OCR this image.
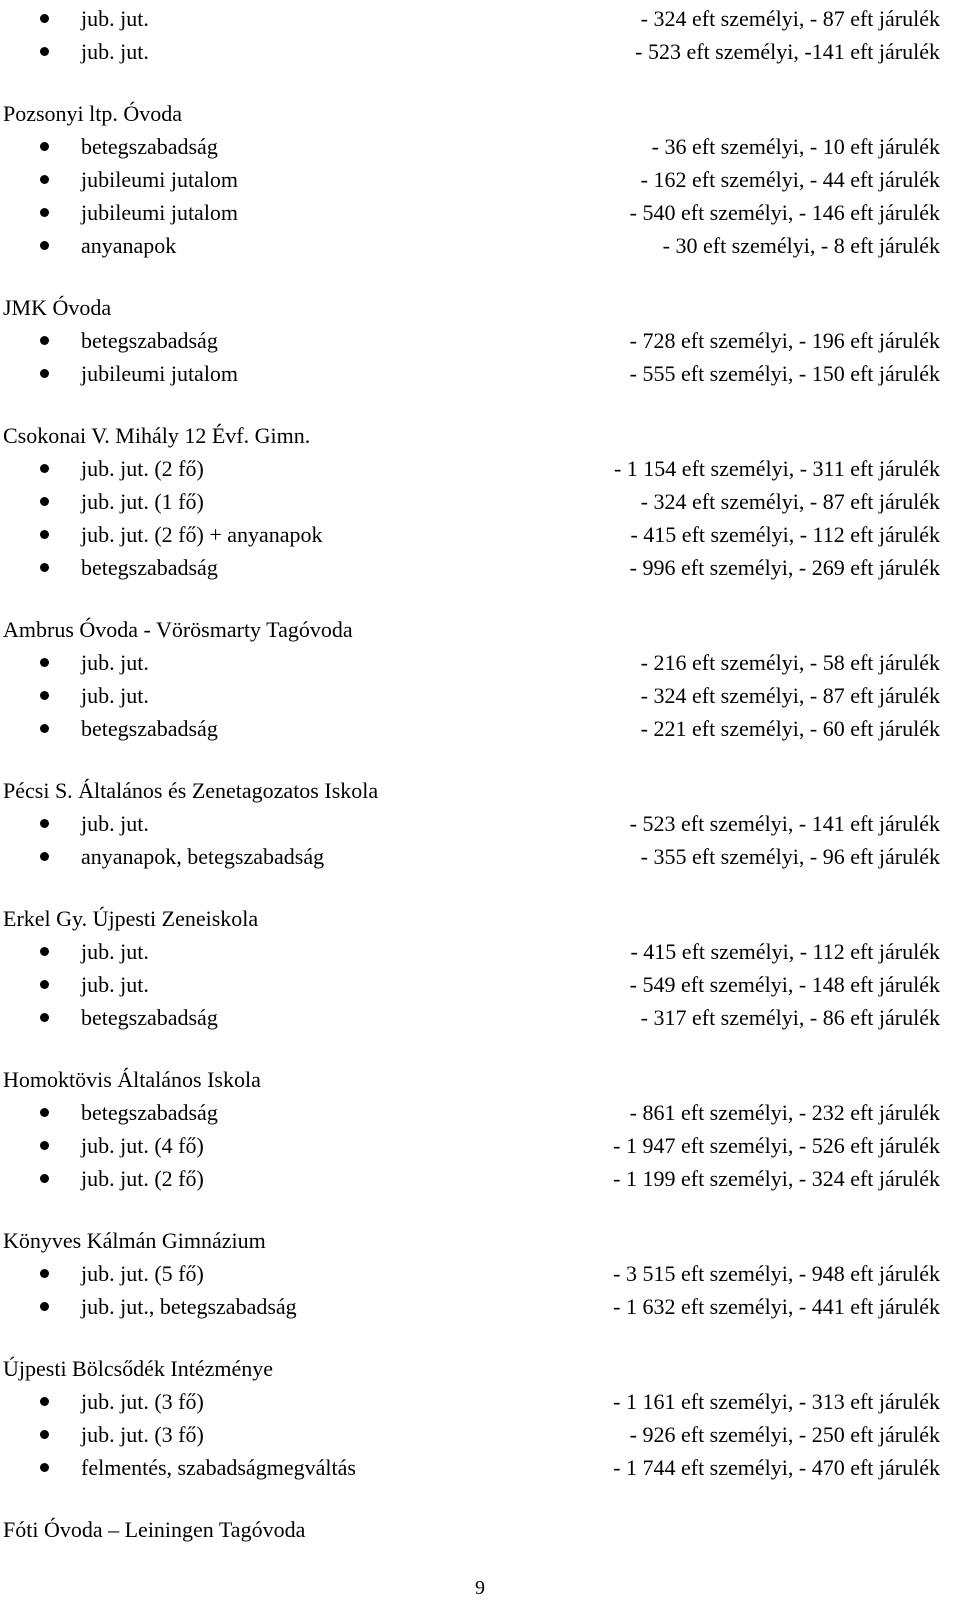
jub. jut.	- 324 eft személyi, - 87 eft járulék
jub. jut.	- 523 eft személyi, -141 eft járulék
Pozsonyi ltp. Óvoda
betegszabadság	- 36 eft személyi, - 10 eft járulék
jubileumi jutalom	- 162 eft személyi, - 44 eft járulék
jubileumi jutalom	- 540 eft személyi, - 146 eft járulék
anyanapok	- 30 eft személyi, - 8 eft járulék
JMK Óvoda
betegszabadság	- 728 eft személyi, - 196 eft járulék
jubileumi jutalom	- 555 eft személyi, - 150 eft járulék
Csokonai V. Mihály 12 Évf. Gimn.
jub. jut. (2 fő)	- 1 154 eft személyi, - 311 eft járulék
jub. jut. (1 fő)	- 324 eft személyi, - 87 eft járulék
jub. jut. (2 fő) + anyanapok	- 415 eft személyi, - 112 eft járulék
betegszabadság	- 996 eft személyi, - 269 eft járulék
Ambrus Óvoda - Vörösmarty Tagóvoda
jub. jut.	- 216 eft személyi, - 58 eft járulék
jub. jut.	- 324 eft személyi, - 87 eft járulék
betegszabadság	- 221 eft személyi, - 60 eft járulék
Pécsi S. Általános és Zenetagozatos Iskola
jub. jut.	- 523 eft személyi, - 141 eft járulék
anyanapok, betegszabadság	- 355 eft személyi, - 96 eft járulék
Erkel Gy. Újpesti Zeneiskola
jub. jut.	- 415 eft személyi, - 112 eft járulék
jub. jut.	- 549 eft személyi, - 148 eft járulék
betegszabadság	- 317 eft személyi, - 86 eft járulék
Homoktövis Általános Iskola
betegszabadság	- 861 eft személyi, - 232 eft járulék
jub. jut. (4 fő)	- 1 947 eft személyi, - 526 eft járulék
jub. jut. (2 fő)	- 1 199 eft személyi, - 324 eft járulék
Könyves Kálmán Gimnázium
jub. jut. (5 fő)	- 3 515 eft személyi, - 948 eft járulék
jub. jut., betegszabadság	- 1 632 eft személyi, - 441 eft járulék
Újpesti Bölcsődék Intézménye
jub. jut. (3 fő)	- 1 161 eft személyi, - 313 eft járulék
jub. jut. (3 fő)	- 926 eft személyi, - 250 eft járulék
felmentés, szabadságmegváltás	- 1 744 eft személyi, - 470 eft járulék
Fóti Óvoda – Leiningen Tagóvoda
9
